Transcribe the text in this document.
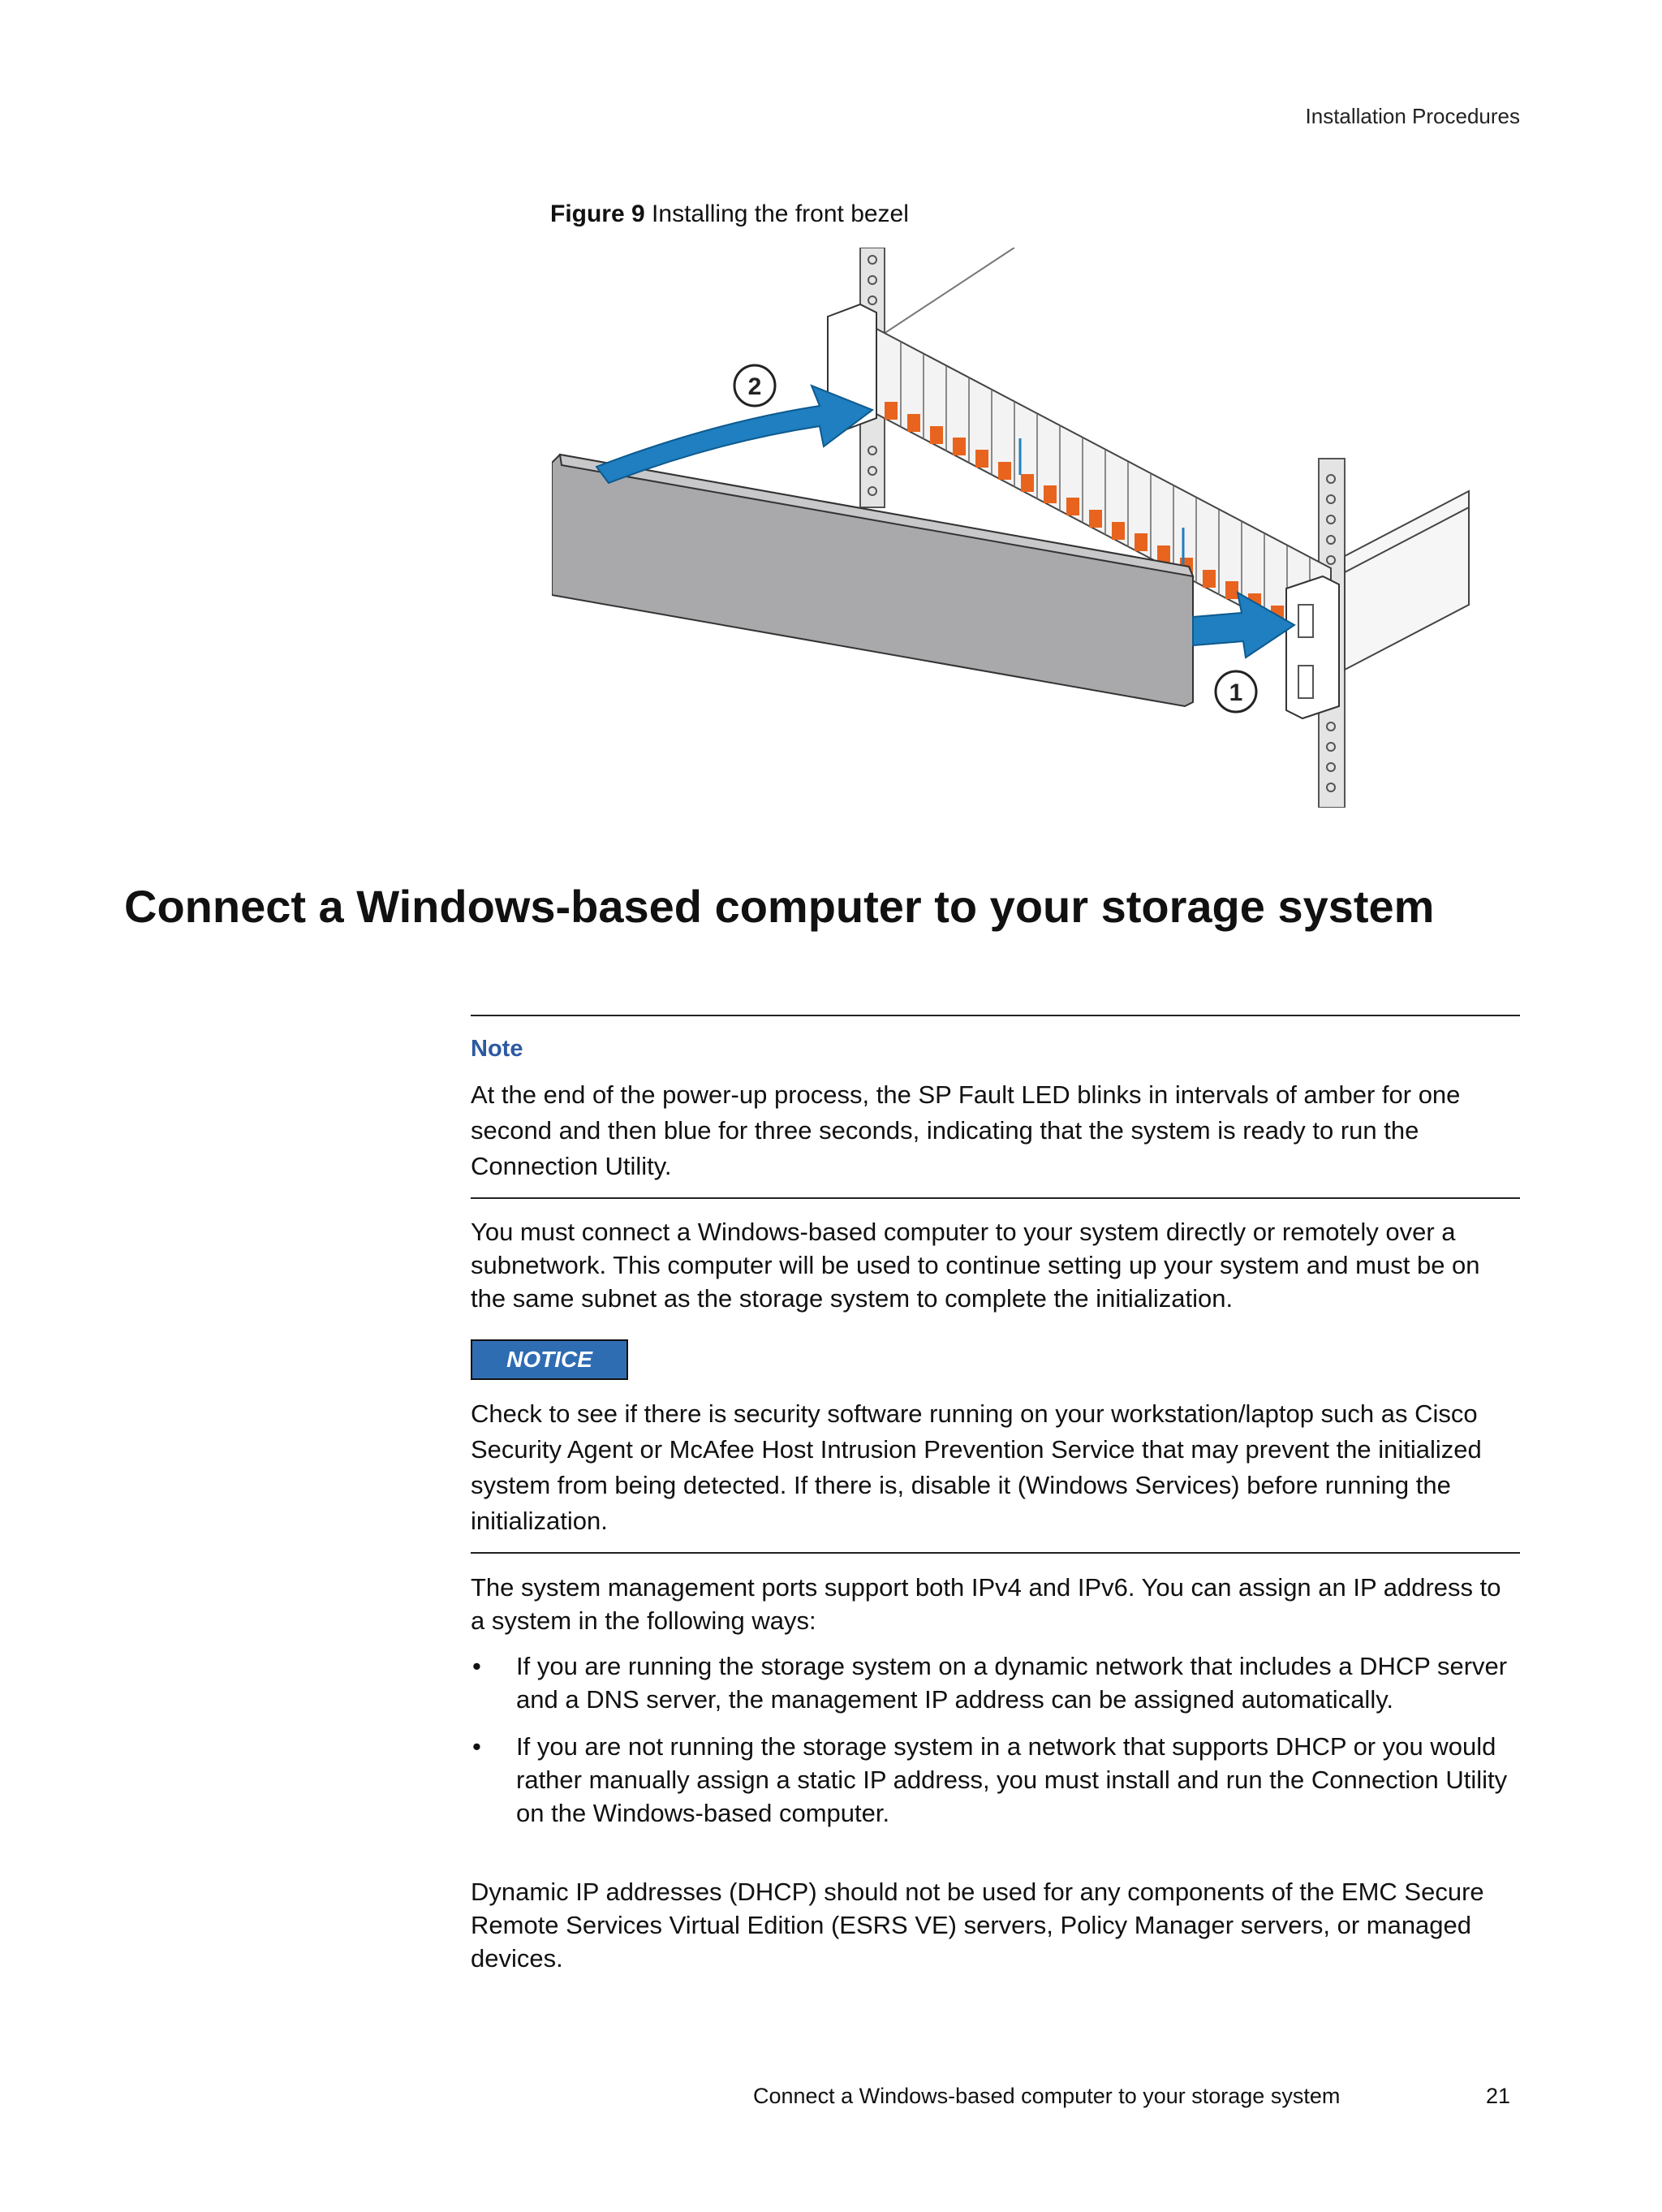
Installation Procedures
Figure 9 Installing the front bezel
2
1
Connect a Windows-based computer to your storage system
Note

At the end of the power-up process, the SP Fault LED blinks in intervals of amber for one second and then blue for three seconds, indicating that the system is ready to run the Connection Utility.

You must connect a Windows-based computer to your system directly or remotely over a subnetwork. This computer will be used to continue setting up your system and must be on the same subnet as the storage system to complete the initialization.

NOTICE

Check to see if there is security software running on your workstation/laptop such as Cisco Security Agent or McAfee Host Intrusion Prevention Service that may prevent the initialized system from being detected. If there is, disable it (Windows Services) before running the initialization.

The system management ports support both IPv4 and IPv6. You can assign an IP address to a system in the following ways:

• If you are running the storage system on a dynamic network that includes a DHCP server and a DNS server, the management IP address can be assigned automatically.
• If you are not running the storage system in a network that supports DHCP or you would rather manually assign a static IP address, you must install and run the Connection Utility on the Windows-based computer.

Dynamic IP addresses (DHCP) should not be used for any components of the EMC Secure Remote Services Virtual Edition (ESRS VE) servers, Policy Manager servers, or managed devices.

Connect a Windows-based computer to your storage system	21
